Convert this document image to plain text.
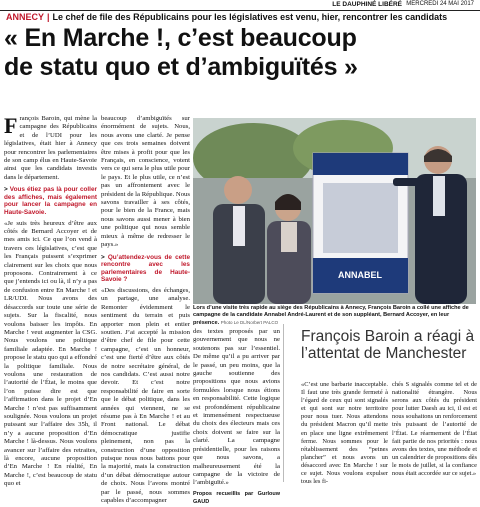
LE DAUPHINÉ LIBÉRÉ MERCREDI 24 MAI 2017
ANNECY | Le chef de file des Républicains pour les législatives est venu, hier, rencontrer les candidats
« En Marche !, c’est beaucoup
de statu quo et d’ambiguïtés »

François Baroin, qui mène la campagne des Républicains et de l’UDI pour les législatives, était hier à Annecy pour rencontrer les parlementaires de son camp élus en Haute-Savoie ainsi que les candidats investis dans le département.

> Vous étiez pas là pour coller des affiches, mais également pour lancer la campagne en Haute-Savoie.

«Je suis très heureux d’être aux côtés de Bernard Accoyer et de mes amis ici. Ce que l’on vend à travers ces législatives, c’est que les Français puissent s’exprimer clairement sur les choix que nous proposons. Contrairement à ce que j’entends ici ou là, il n’y a pas de confusion entre En Marche ! et LR/UDI. Nous avons des désaccords sur toute une série de sujets. Sur la fiscalité, nous voulons baisser les impôts. En Marche ! veut augmenter la CSG. Nous voulons une politique familiale adaptée. En Marche ! propose le statu quo qui a effondré la politique familiale. Nous voulons une restauration de l’autorité de l’État, le moins que l’on puisse dire est que l’affirmation dans le projet d’En Marche ! n’est pas suffisamment soulignée. Nous voulons un projet puissant sur l’affaire des 35h, il n’y a aucune proposition d’En Marche ! là-dessus. Nous voulons avancer sur l’affaire des retraites, là encore, aucune proposition d’En Marche ! En réalité, En Marche !, c’est beaucoup de statu quo et

beaucoup d’ambiguïtés sur énormément de sujets. Nous, nous avons une clarté. Je pense que ces trois semaines doivent être mises à profit pour que les Français, en conscience, votent vers ce qui sera le plus utile pour le pays. Et le plus utile, ce n’est pas un affrontement avec le président de la République. Nous savons travailler à ses côtés, pour le bien de la France, mais nous savons aussi mener à bien une politique qui nous semble mieux à même de redresser le pays.»

> Qu’attendez-vous de cette rencontre avec les parlementaires de Haute-Savoie ?

«Des discussions, des échanges, un partage, une analyse. Remonter évidemment le sentiment du terrain et puis apporter mon plein et entier soutien. J’ai accepté la mission d’être chef de file pour cette campagne, c’est un honneur, c’est une fierté d’être aux côtés de notre secrétaire général, de nos candidats. C’est aussi notre devoir. Et c’est notre responsabilité de faire en sorte que le débat politique, dans les années qui viennent, ne se résume pas à En Marche ! et au Front national. Le débat démocratique justifie pleinement, non pas la construction d’une opposition puisque nous nous battons pour la majorité, mais la construction d’un débat démocratique autour de choix. Nous l’avons montré par le passé, nous sommes capables d’accompagner

ANNABEL
Lors d’une visite très rapide au siège des Républicains à Annecy, François Baroin a collé une affiche de campagne de la candidate Annabel André-Laurent et de son suppléant, Bernard Accoyer, en leur présence. Photo Le DL/Norbert PALCO

des textes proposés par un gouvernement que nous ne soutenons pas sur l’essentiel. De même qu’il a pu arriver par le passé, un peu moins, que la gauche soutienne des propositions que nous avions formulées lorsque nous étions en responsabilité. Cette logique est profondément républicaine et immensément respectueuse du choix des électeurs mais ces choix doivent se faire sur la clarté. La campagne présidentielle, pour les raisons que nous savons, a malheureusement été la campagne de la victoire de l’ambiguïté.»

Propos recueillis par Gurlouw GAUD
François Baroin a réagi à l’attentat de Manchester
«C’est une barbarie inacceptable. Il faut une très grande fermeté à l’égard de ceux qui sont signalés et qui sont sur notre territoire pour nous tuer. Nous attendons du président Macron qu’il mette en place une ligne extrêmement ferme. Nous sommes pour le rétablissement des “peines plancher” et nous avons un désaccord avec En Marche ! sur ce sujet. Nous voulons expulser tous les fi-
chés S signalés comme tel et de nationalité étrangère. Nous serons aux côtés du président pour lutter Daesh au ici, il est et nous souhaitons un renforcement très puissant de l’autorité de l’État. Le réarmement de l’État fait partie de nos priorités : nous avons des textes, une méthode et un calendrier de propositions dès le mois de juillet, si la confiance nous était accordée sur ce sujet.»
